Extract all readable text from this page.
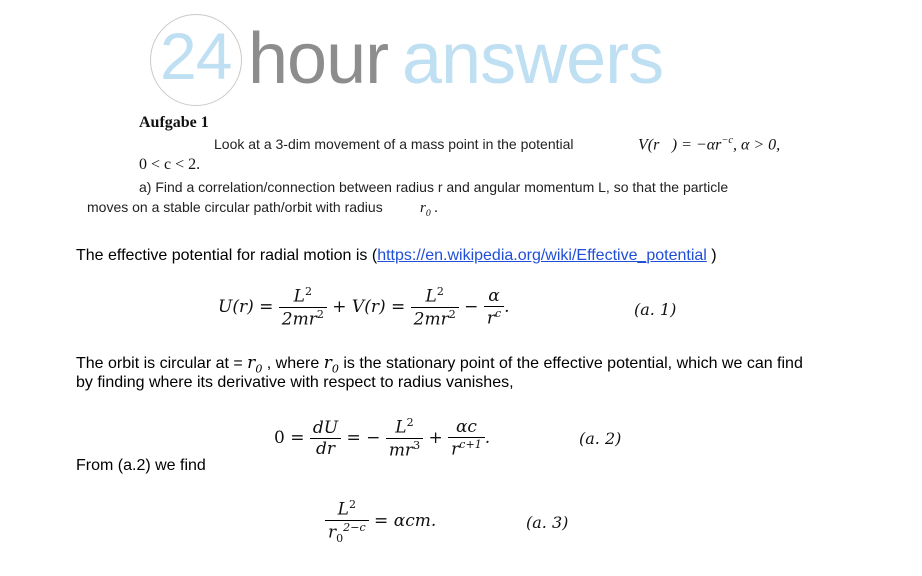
24 hour answers
Aufgabe 1
Look at a 3-dim movement of a mass point in the potential	V(r⃗) = $-\alpha r^{-c}$, α > 0,
0 < c < 2.
a) Find a correlation/connection between radius r and angular momentum L, so that the particle
moves on a stable circular path/orbit with radius $r_0$ .
The effective potential for radial motion is (https://en.wikipedia.org/wiki/Effective_potential )
$U(r) = \frac{L^2}{2mr^2} + V(r) = \frac{L^2}{2mr^2} - \frac{\alpha}{r^c}$ .	(a. 1)
The orbit is circular at = $r_0$ , where $r_0$ is the stationary point of the effective potential, which we can find
by finding where its derivative with respect to radius vanishes,
$0 = \frac{dU}{dr}$ = − $\frac{L^2}{mr^3} + \frac{\alpha c}{r^{c+1}}$ .	(a. 2)
From (a.2) we find
$\frac{L^2}{r_0^{2-c}} = \alpha cm$.	(a. 3)
